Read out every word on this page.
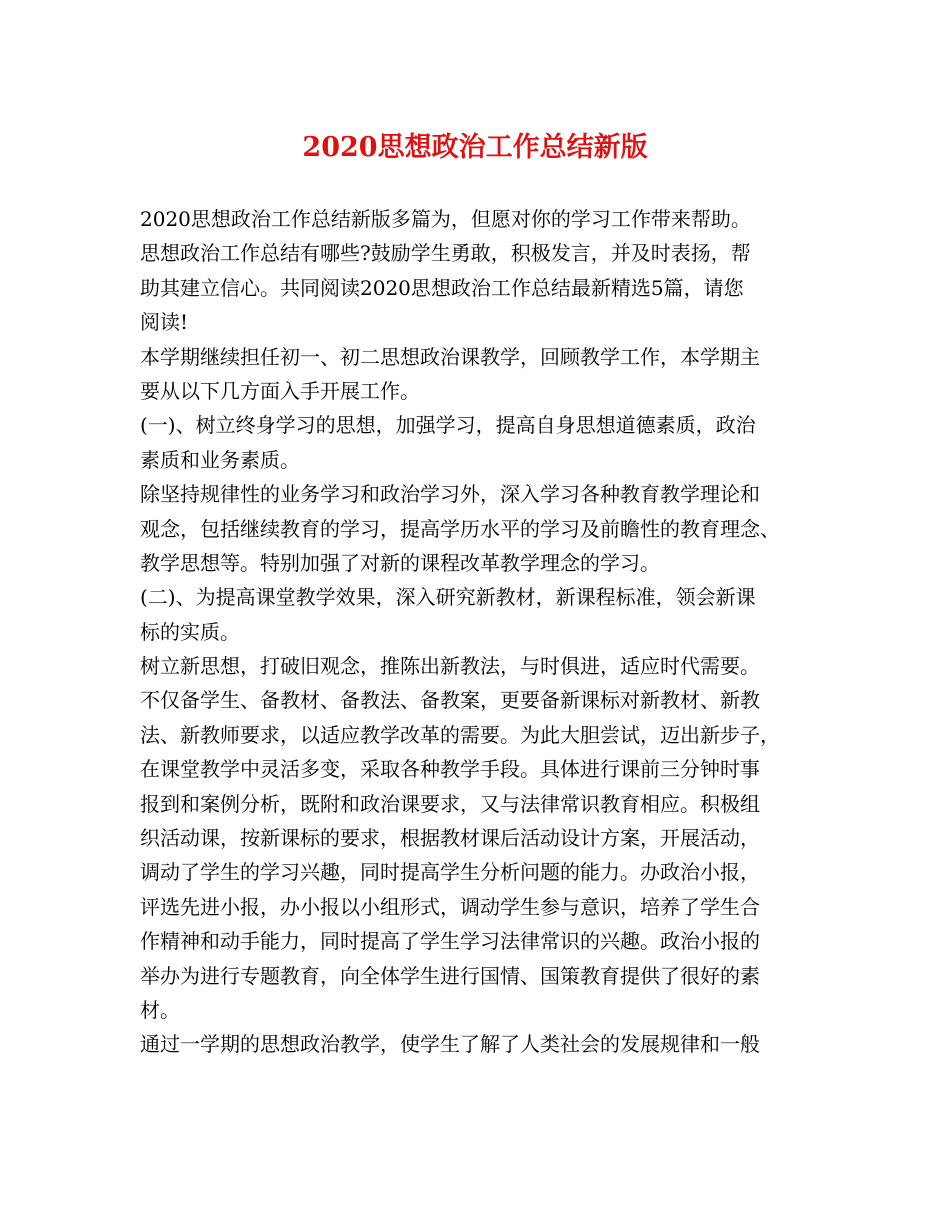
2020思想政治工作总结新版
2020思想政治工作总结新版多篇为，但愿对你的学习工作带来帮助。
思想政治工作总结有哪些?鼓励学生勇敢，积极发言，并及时表扬，帮
助其建立信心。共同阅读2020思想政治工作总结最新精选5篇，请您
阅读!
本学期继续担任初一、初二思想政治课教学，回顾教学工作，本学期主
要从以下几方面入手开展工作。
(一)、树立终身学习的思想，加强学习，提高自身思想道德素质，政治
素质和业务素质。
除坚持规律性的业务学习和政治学习外，深入学习各种教育教学理论和
观念，包括继续教育的学习，提高学历水平的学习及前瞻性的教育理念、
教学思想等。特别加强了对新的课程改革教学理念的学习。
(二)、为提高课堂教学效果，深入研究新教材，新课程标准，领会新课
标的实质。
树立新思想，打破旧观念，推陈出新教法，与时俱进，适应时代需要。
不仅备学生、备教材、备教法、备教案，更要备新课标对新教材、新教
法、新教师要求，以适应教学改革的需要。为此大胆尝试，迈出新步子，
在课堂教学中灵活多变，采取各种教学手段。具体进行课前三分钟时事
报到和案例分析，既附和政治课要求，又与法律常识教育相应。积极组
织活动课，按新课标的要求，根据教材课后活动设计方案，开展活动，
调动了学生的学习兴趣，同时提高学生分析问题的能力。办政治小报，
评选先进小报，办小报以小组形式，调动学生参与意识，培养了学生合
作精神和动手能力，同时提高了学生学习法律常识的兴趣。政治小报的
举办为进行专题教育，向全体学生进行国情、国策教育提供了很好的素
材。
通过一学期的思想政治教学，使学生了解了人类社会的发展规律和一般
